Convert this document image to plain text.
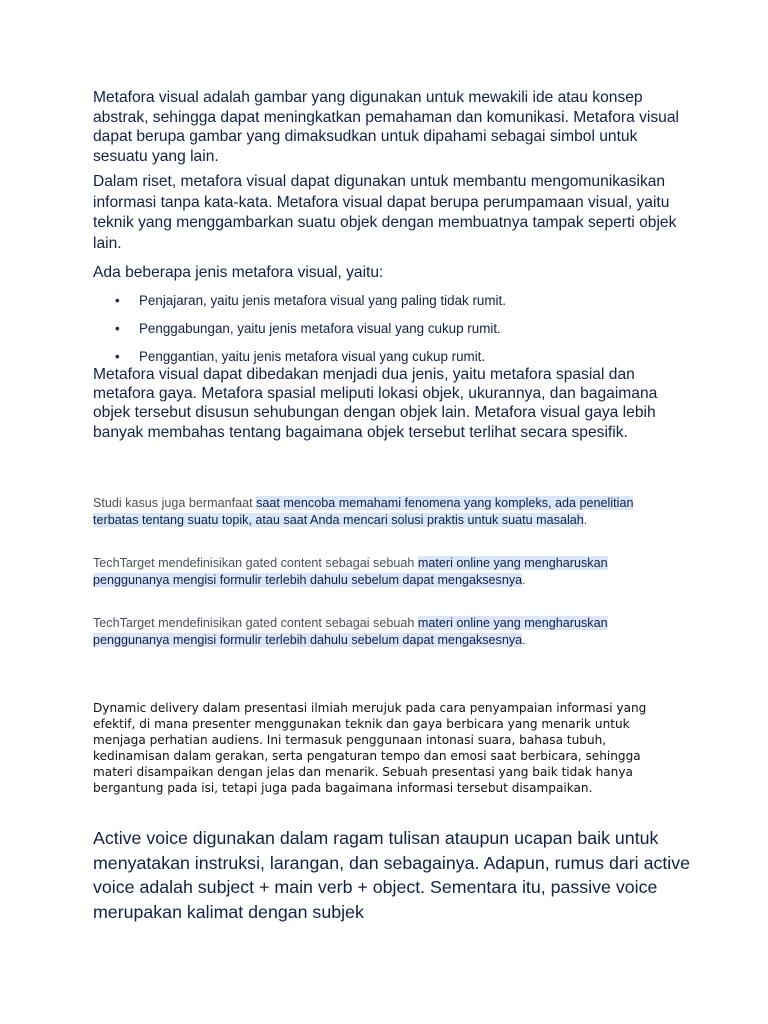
Metafora visual adalah gambar yang digunakan untuk mewakili ide atau konsep abstrak, sehingga dapat meningkatkan pemahaman dan komunikasi. Metafora visual dapat berupa gambar yang dimaksudkan untuk dipahami sebagai simbol untuk sesuatu yang lain.

Dalam riset, metafora visual dapat digunakan untuk membantu mengomunikasikan informasi tanpa kata-kata. Metafora visual dapat berupa perumpamaan visual, yaitu teknik yang menggambarkan suatu objek dengan membuatnya tampak seperti objek lain.

Ada beberapa jenis metafora visual, yaitu:

• Penjajaran, yaitu jenis metafora visual yang paling tidak rumit.
• Penggabungan, yaitu jenis metafora visual yang cukup rumit.
• Penggantian, yaitu jenis metafora visual yang cukup rumit.

Metafora visual dapat dibedakan menjadi dua jenis, yaitu metafora spasial dan metafora gaya. Metafora spasial meliputi lokasi objek, ukurannya, dan bagaimana objek tersebut disusun sehubungan dengan objek lain. Metafora visual gaya lebih banyak membahas tentang bagaimana objek tersebut terlihat secara spesifik.

Studi kasus juga bermanfaat saat mencoba memahami fenomena yang kompleks, ada penelitian terbatas tentang suatu topik, atau saat Anda mencari solusi praktis untuk suatu masalah.

TechTarget mendefinisikan gated content sebagai sebuah materi online yang mengharuskan penggunanya mengisi formulir terlebih dahulu sebelum dapat mengaksesnya.

TechTarget mendefinisikan gated content sebagai sebuah materi online yang mengharuskan penggunanya mengisi formulir terlebih dahulu sebelum dapat mengaksesnya.

Dynamic delivery dalam presentasi ilmiah merujuk pada cara penyampaian informasi yang efektif, di mana presenter menggunakan teknik dan gaya berbicara yang menarik untuk menjaga perhatian audiens. Ini termasuk penggunaan intonasi suara, bahasa tubuh, kedinamisan dalam gerakan, serta pengaturan tempo dan emosi saat berbicara, sehingga materi disampaikan dengan jelas dan menarik. Sebuah presentasi yang baik tidak hanya bergantung pada isi, tetapi juga pada bagaimana informasi tersebut disampaikan.

Active voice digunakan dalam ragam tulisan ataupun ucapan baik untuk menyatakan instruksi, larangan, dan sebagainya. Adapun, rumus dari active voice adalah subject + main verb + object. Sementara itu, passive voice merupakan kalimat dengan subjek
